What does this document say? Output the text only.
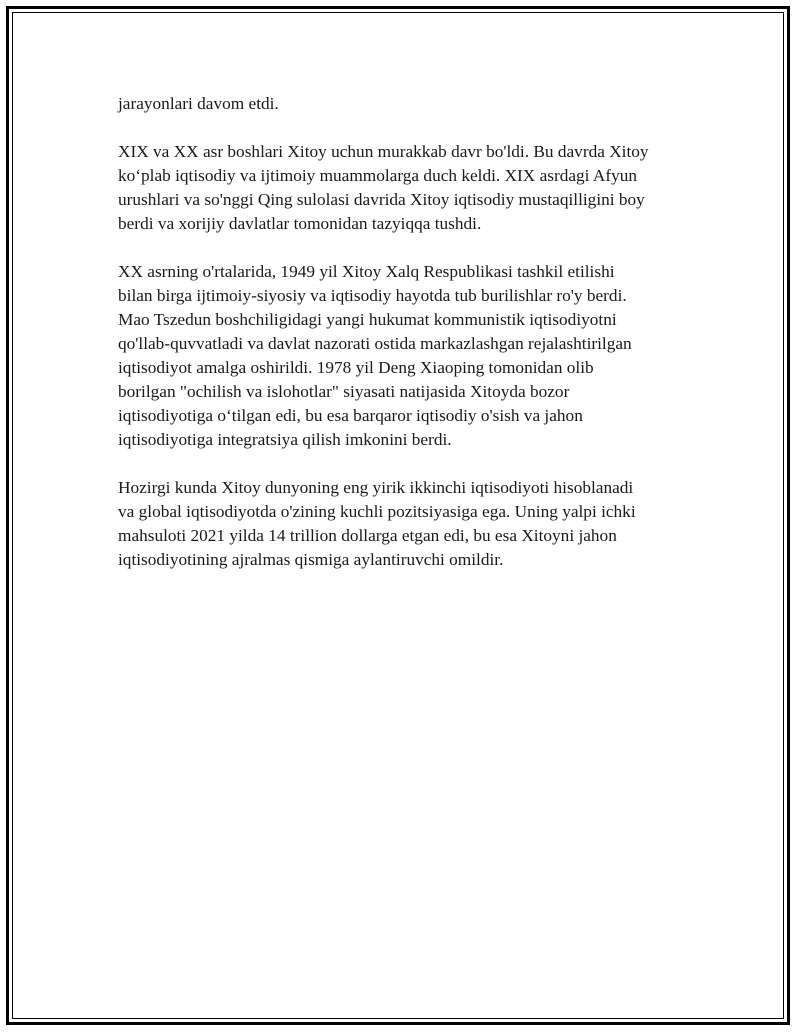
jarayonlari davom etdi.

XIX va XX asr boshlari Xitoy uchun murakkab davr bo'ldi. Bu davrda Xitoy
ko‘plab iqtisodiy va ijtimoiy muammolarga duch keldi. XIX asrdagi Afyun
urushlari va so'nggi Qing sulolasi davrida Xitoy iqtisodiy mustaqilligini boy
berdi va xorijiy davlatlar tomonidan tazyiqqa tushdi.

XX asrning o'rtalarida, 1949 yil Xitoy Xalq Respublikasi tashkil etilishi
bilan birga ijtimoiy-siyosiy va iqtisodiy hayotda tub burilishlar ro'y berdi.
Mao Tszedun boshchiligidagi yangi hukumat kommunistik iqtisodiyotni
qo'llab-quvvatladi va davlat nazorati ostida markazlashgan rejalashtirilgan
iqtisodiyot amalga oshirildi. 1978 yil Deng Xiaoping tomonidan olib
borilgan "ochilish va islohotlar" siyasati natijasida Xitoyda bozor
iqtisodiyotiga o‘tilgan edi, bu esa barqaror iqtisodiy o'sish va jahon
iqtisodiyotiga integratsiya qilish imkonini berdi.

Hozirgi kunda Xitoy dunyoning eng yirik ikkinchi iqtisodiyoti hisoblanadi
va global iqtisodiyotda o'zining kuchli pozitsiyasiga ega. Uning yalpi ichki
mahsuloti 2021 yilda 14 trillion dollarga etgan edi, bu esa Xitoyni jahon
iqtisodiyotining ajralmas qismiga aylantiruvchi omildir.
